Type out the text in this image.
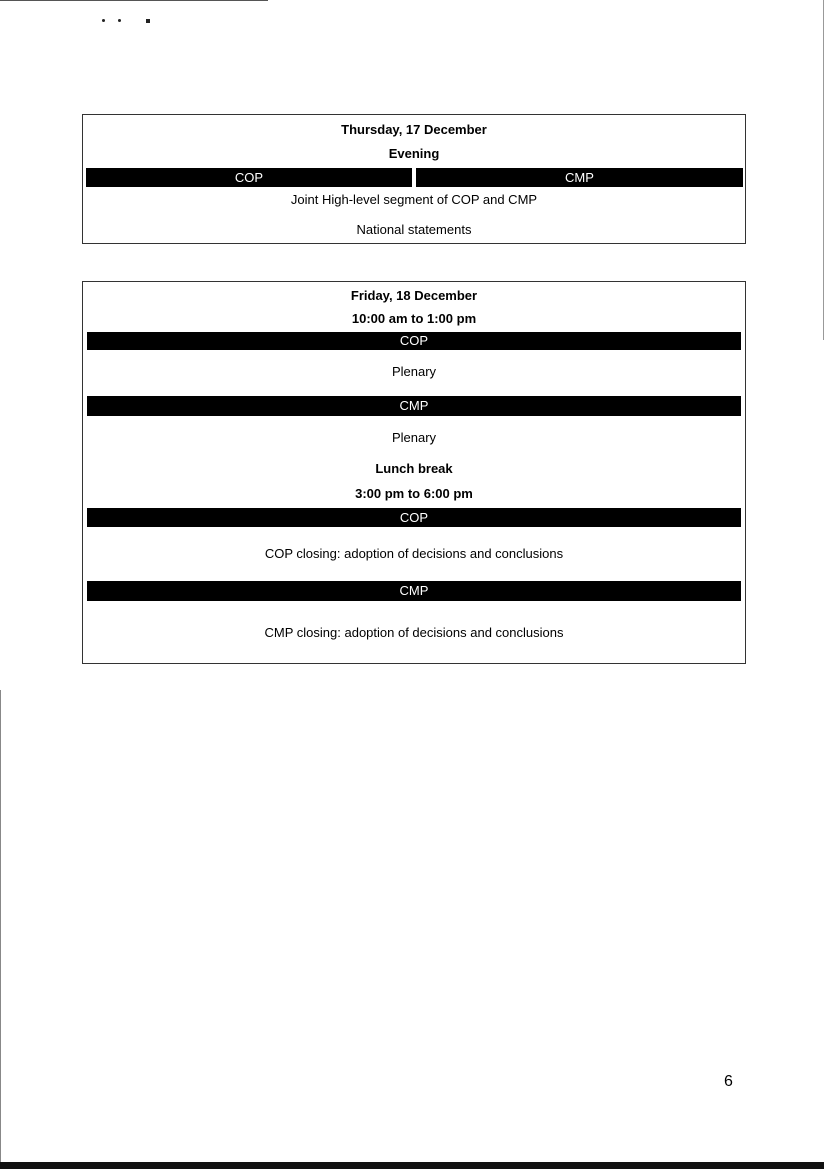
Thursday, 17 December
Evening
COP	CMP
Joint High-level segment of COP and CMP
National statements
Friday, 18 December
10:00 am to 1:00 pm
COP
Plenary
CMP
Plenary
Lunch break
3:00 pm to 6:00 pm
COP
COP closing: adoption of decisions and conclusions
CMP
CMP closing: adoption of decisions and conclusions
6
